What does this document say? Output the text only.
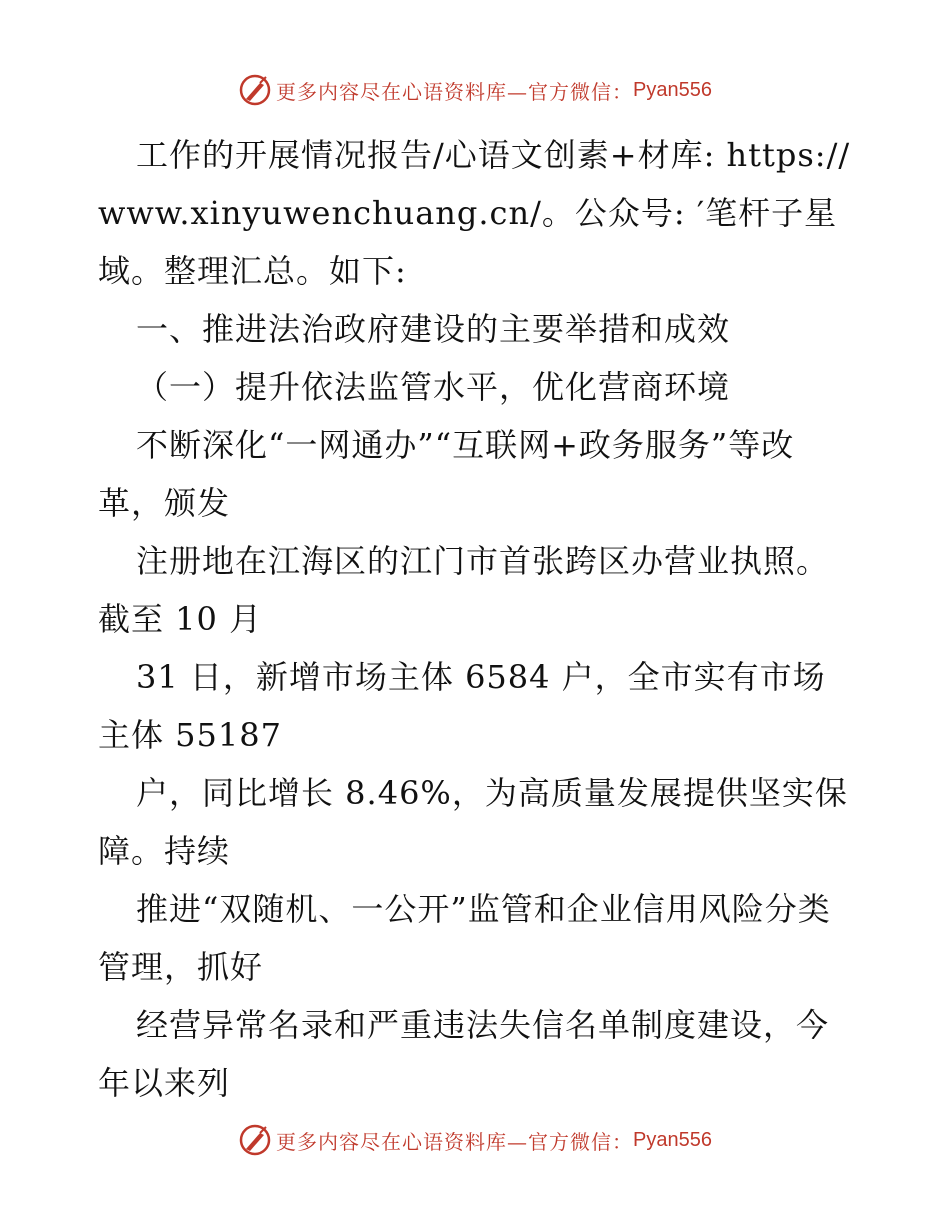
更多内容尽在心语资料库—官方微信： Pyan556

工作的开展情况报告/心语文创素+材库: https://www.xinyuwenchuang.cn/。公众号: ′笔杆子星域。整理汇总。如下:

一、推进法治政府建设的主要举措和成效

（一）提升依法监管水平，优化营商环境

不断深化“一网通办”“互联网+政务服务”等改革，颁发

注册地在江海区的江门市首张跨区办营业执照。截至 10 月

31 日，新增市场主体 6584 户，全市实有市场主体 55187

户，同比增长 8.46%，为高质量发展提供坚实保障。持续

推进“双随机、一公开”监管和企业信用风险分类管理，抓好

经营异常名录和严重违法失信名单制度建设，今年以来列

更多内容尽在心语资料库—官方微信： Pyan556
